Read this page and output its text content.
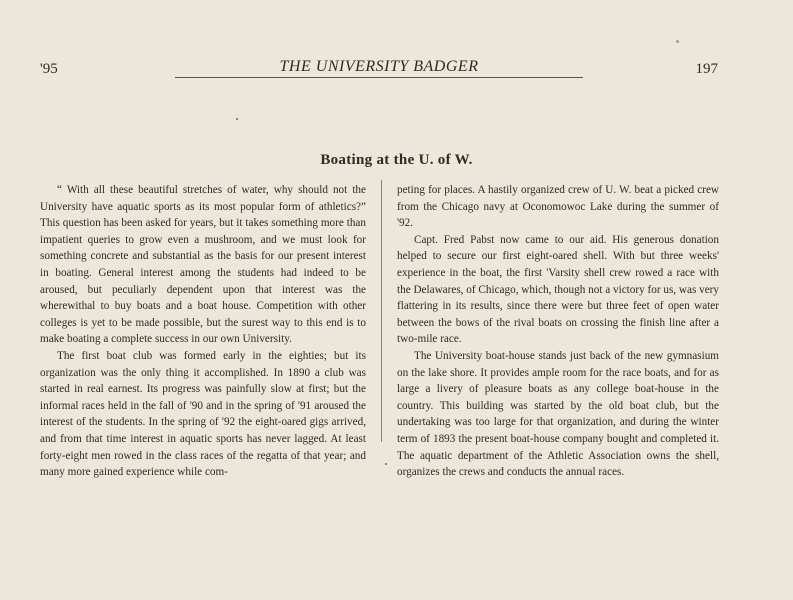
'95	THE UNIVERSITY BADGER	197
Boating at the U. of W.

“ With all these beautiful stretches of water, why should not the University have aquatic sports as its most popular form of athletics?” This question has been asked for years, but it takes something more than impatient queries to grow even a mushroom, and we must look for something concrete and substantial as the basis for our present interest in boating. General interest among the students had indeed to be aroused, but peculiarly dependent upon that interest was the wherewithal to buy boats and a boat house. Competition with other colleges is yet to be made possible, but the surest way to this end is to make boating a complete success in our own University.

The first boat club was formed early in the eighties; but its organization was the only thing it accomplished. In 1890 a club was started in real earnest. Its progress was painfully slow at first; but the informal races held in the fall of '90 and in the spring of '91 aroused the interest of the students. In the spring of '92 the eight-oared gigs arrived, and from that time interest in aquatic sports has never lagged. At least forty-eight men rowed in the class races of the regatta of that year; and many more gained experience while com-

peting for places. A hastily organized crew of U. W. beat a picked crew from the Chicago navy at Oconomowoc Lake during the summer of '92.

Capt. Fred Pabst now came to our aid. His generous donation helped to secure our first eight-oared shell. With but three weeks' experience in the boat, the first 'Varsity shell crew rowed a race with the Delawares, of Chicago, which, though not a victory for us, was very flattering in its results, since there were but three feet of open water between the bows of the rival boats on crossing the finish line after a two-mile race.

The University boat-house stands just back of the new gymnasium on the lake shore. It provides ample room for the race boats, and for as large a livery of pleasure boats as any college boat-house in the country. This building was started by the old boat club, but the undertaking was too large for that organization, and during the winter term of 1893 the present boat-house company bought and completed it. The aquatic department of the Athletic Association owns the shell, organizes the crews and conducts the annual races.
